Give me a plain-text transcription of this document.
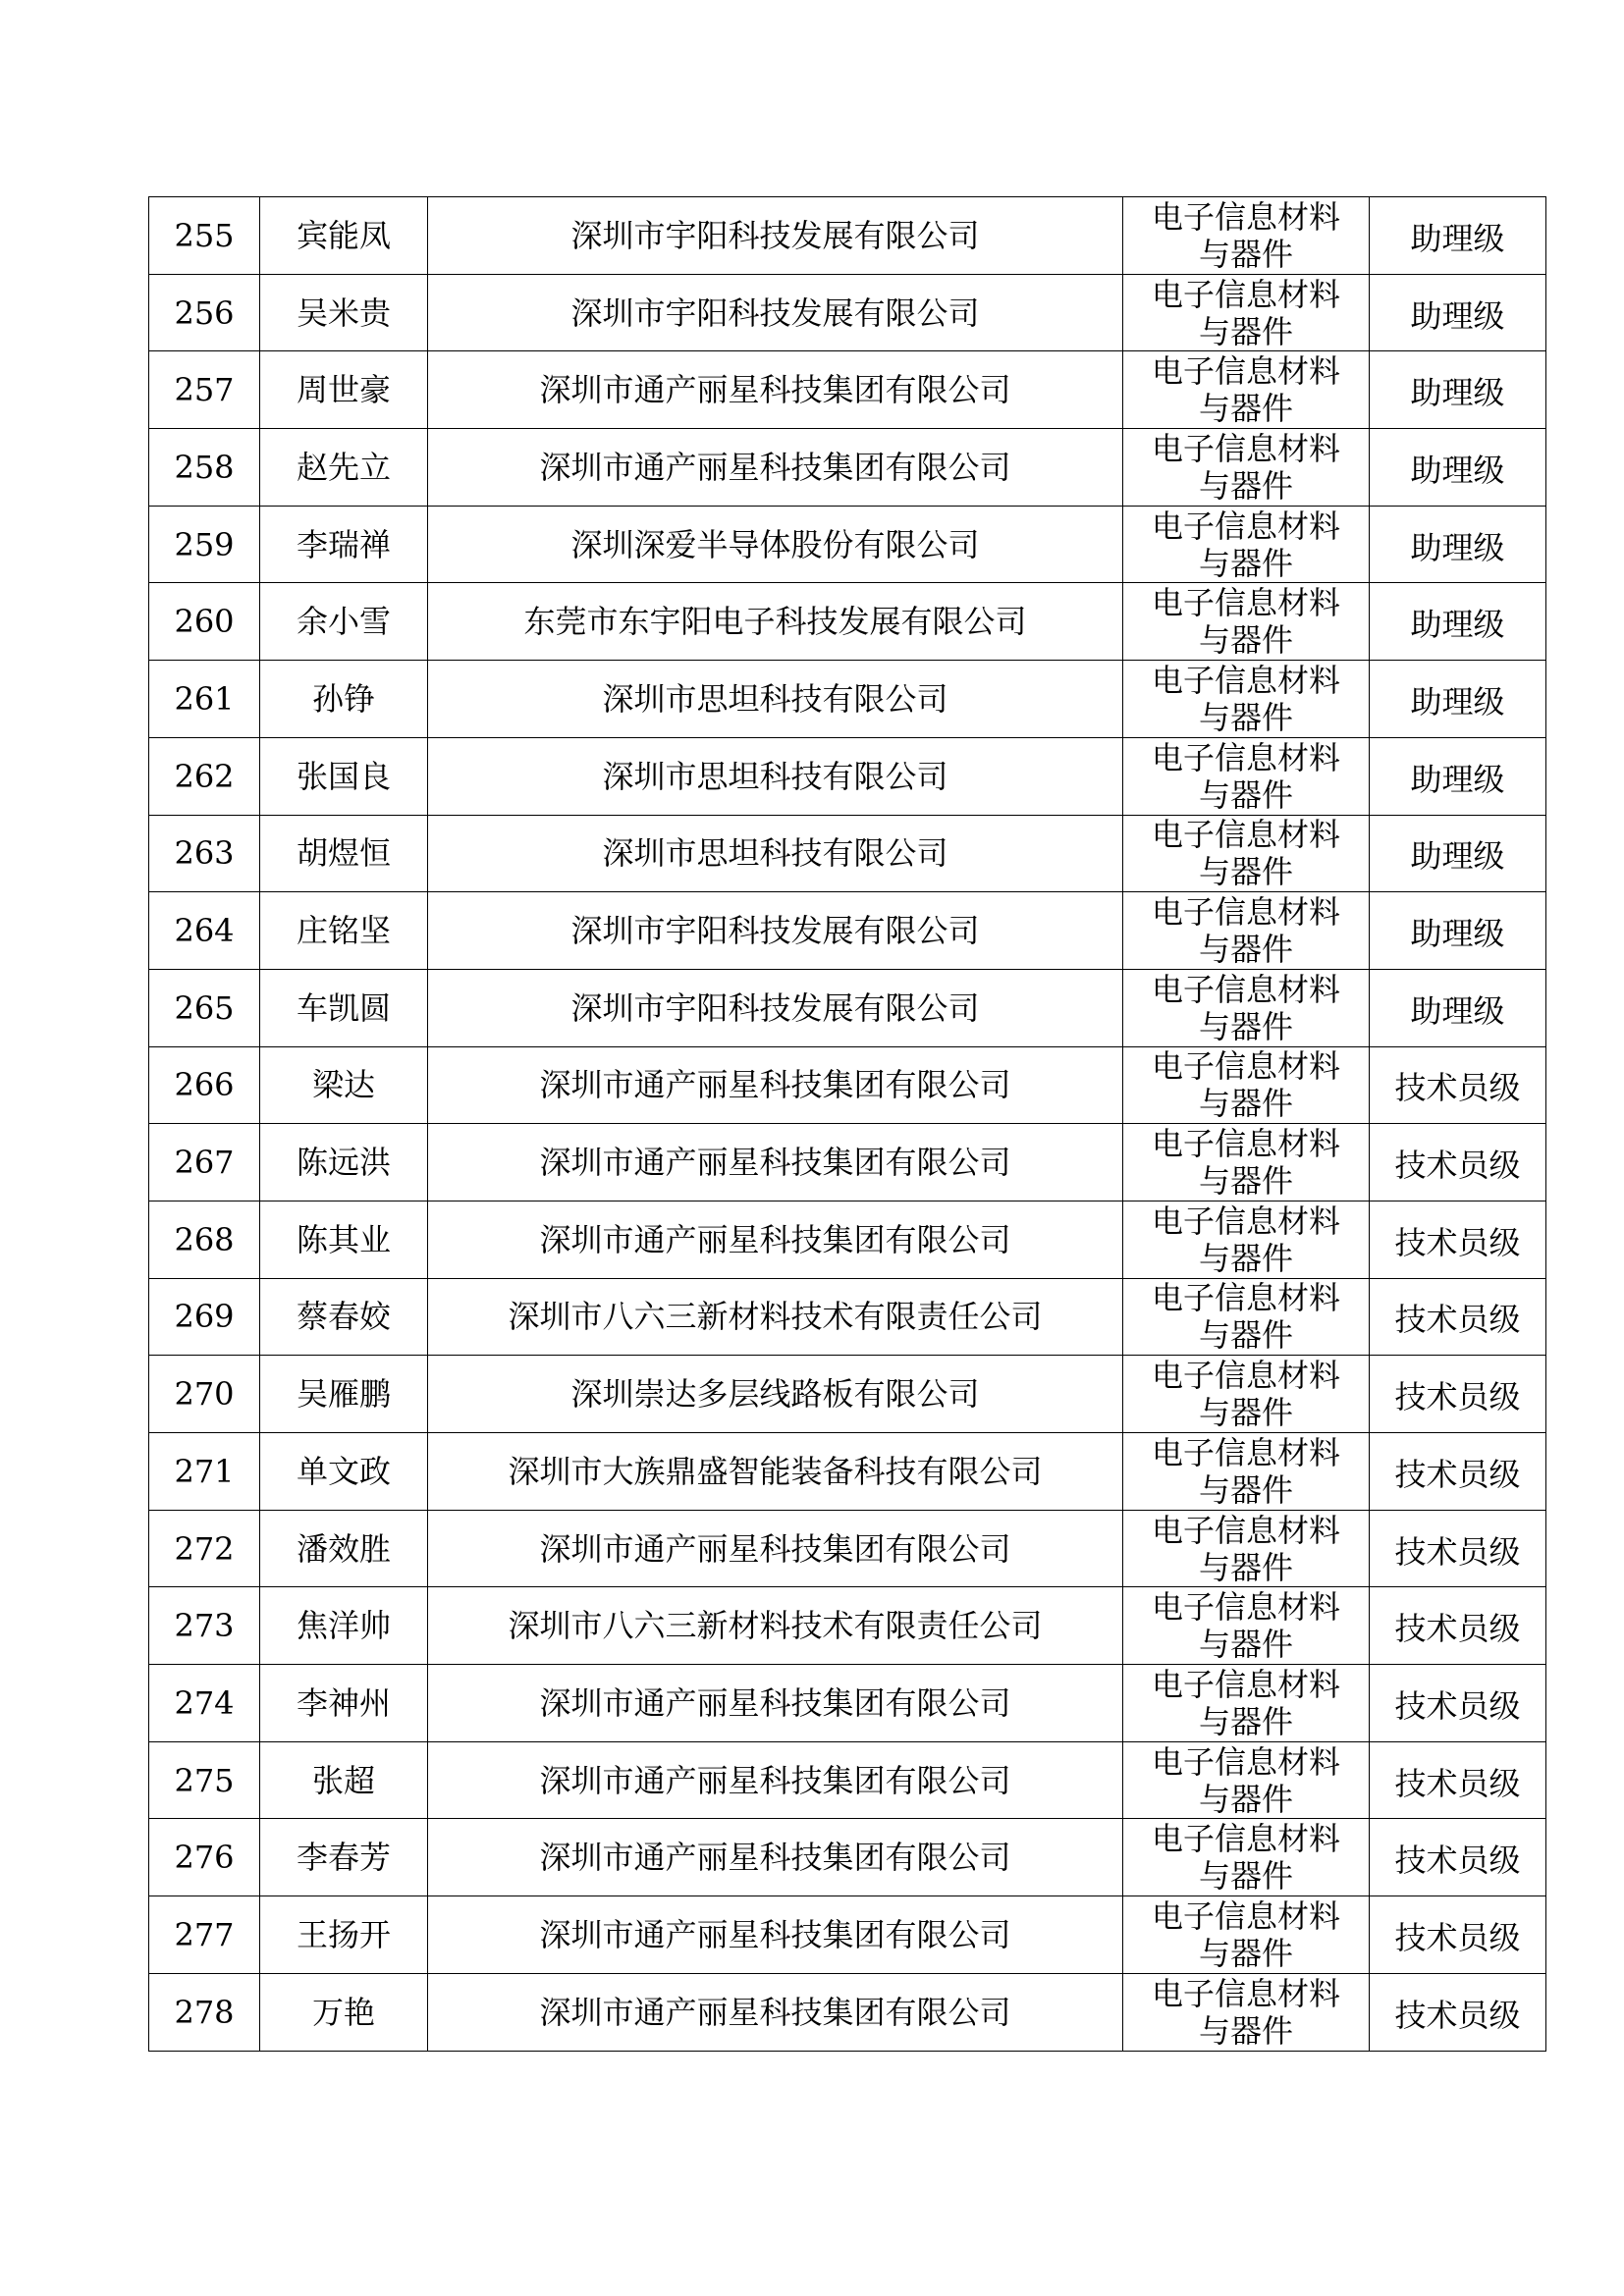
255	宾能凤	深圳市宇阳科技发展有限公司	电子信息材料
与器件	助理级
256	吴米贵	深圳市宇阳科技发展有限公司	电子信息材料
与器件	助理级
257	周世豪	深圳市通产丽星科技集团有限公司	电子信息材料
与器件	助理级
258	赵先立	深圳市通产丽星科技集团有限公司	电子信息材料
与器件	助理级
259	李瑞禅	深圳深爱半导体股份有限公司	电子信息材料
与器件	助理级
260	余小雪	东莞市东宇阳电子科技发展有限公司	电子信息材料
与器件	助理级
261	孙铮	深圳市思坦科技有限公司	电子信息材料
与器件	助理级
262	张国良	深圳市思坦科技有限公司	电子信息材料
与器件	助理级
263	胡煜恒	深圳市思坦科技有限公司	电子信息材料
与器件	助理级
264	庄铭坚	深圳市宇阳科技发展有限公司	电子信息材料
与器件	助理级
265	车凯圆	深圳市宇阳科技发展有限公司	电子信息材料
与器件	助理级
266	梁达	深圳市通产丽星科技集团有限公司	电子信息材料
与器件	技术员级
267	陈远洪	深圳市通产丽星科技集团有限公司	电子信息材料
与器件	技术员级
268	陈其业	深圳市通产丽星科技集团有限公司	电子信息材料
与器件	技术员级
269	蔡春姣	深圳市八六三新材料技术有限责任公司	电子信息材料
与器件	技术员级
270	吴雁鹏	深圳崇达多层线路板有限公司	电子信息材料
与器件	技术员级
271	单文政	深圳市大族鼎盛智能装备科技有限公司	电子信息材料
与器件	技术员级
272	潘效胜	深圳市通产丽星科技集团有限公司	电子信息材料
与器件	技术员级
273	焦洋帅	深圳市八六三新材料技术有限责任公司	电子信息材料
与器件	技术员级
274	李神州	深圳市通产丽星科技集团有限公司	电子信息材料
与器件	技术员级
275	张超	深圳市通产丽星科技集团有限公司	电子信息材料
与器件	技术员级
276	李春芳	深圳市通产丽星科技集团有限公司	电子信息材料
与器件	技术员级
277	王扬开	深圳市通产丽星科技集团有限公司	电子信息材料
与器件	技术员级
278	万艳	深圳市通产丽星科技集团有限公司	电子信息材料
与器件	技术员级
